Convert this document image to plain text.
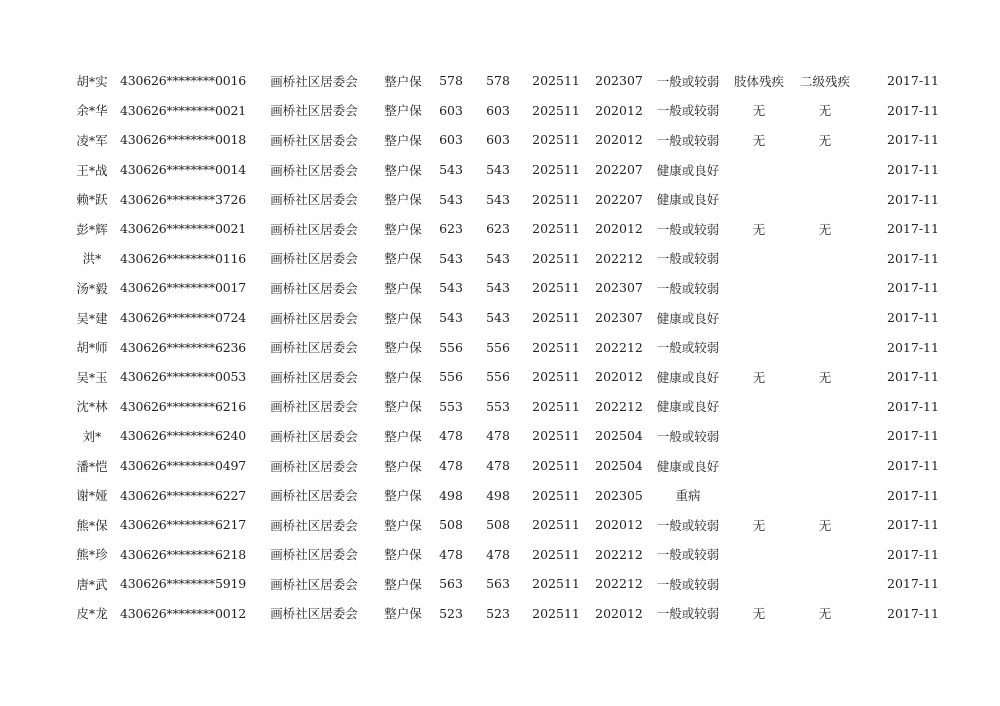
胡*实	430626********0016	画桥社区居委会	整户保	578	578	202511	202307	一般或较弱	肢体残疾	二级残疾		2017-11
余*华	430626********0021	画桥社区居委会	整户保	603	603	202511	202012	一般或较弱	无	无		2017-11
凌*军	430626********0018	画桥社区居委会	整户保	603	603	202511	202012	一般或较弱	无	无		2017-11
王*战	430626********0014	画桥社区居委会	整户保	543	543	202511	202207	健康或良好				2017-11
赖*跃	430626********3726	画桥社区居委会	整户保	543	543	202511	202207	健康或良好				2017-11
彭*辉	430626********0021	画桥社区居委会	整户保	623	623	202511	202012	一般或较弱	无	无		2017-11
洪*	430626********0116	画桥社区居委会	整户保	543	543	202511	202212	一般或较弱				2017-11
汤*毅	430626********0017	画桥社区居委会	整户保	543	543	202511	202307	一般或较弱				2017-11
吴*建	430626********0724	画桥社区居委会	整户保	543	543	202511	202307	健康或良好				2017-11
胡*师	430626********6236	画桥社区居委会	整户保	556	556	202511	202212	一般或较弱				2017-11
吴*玉	430626********0053	画桥社区居委会	整户保	556	556	202511	202012	健康或良好	无	无		2017-11
沈*林	430626********6216	画桥社区居委会	整户保	553	553	202511	202212	健康或良好				2017-11
刘*	430626********6240	画桥社区居委会	整户保	478	478	202511	202504	一般或较弱				2017-11
潘*恺	430626********0497	画桥社区居委会	整户保	478	478	202511	202504	健康或良好				2017-11
谢*娅	430626********6227	画桥社区居委会	整户保	498	498	202511	202305	重病				2017-11
熊*保	430626********6217	画桥社区居委会	整户保	508	508	202511	202012	一般或较弱	无	无		2017-11
熊*珍	430626********6218	画桥社区居委会	整户保	478	478	202511	202212	一般或较弱				2017-11
唐*武	430626********5919	画桥社区居委会	整户保	563	563	202511	202212	一般或较弱				2017-11
皮*龙	430626********0012	画桥社区居委会	整户保	523	523	202511	202012	一般或较弱	无	无		2017-11
